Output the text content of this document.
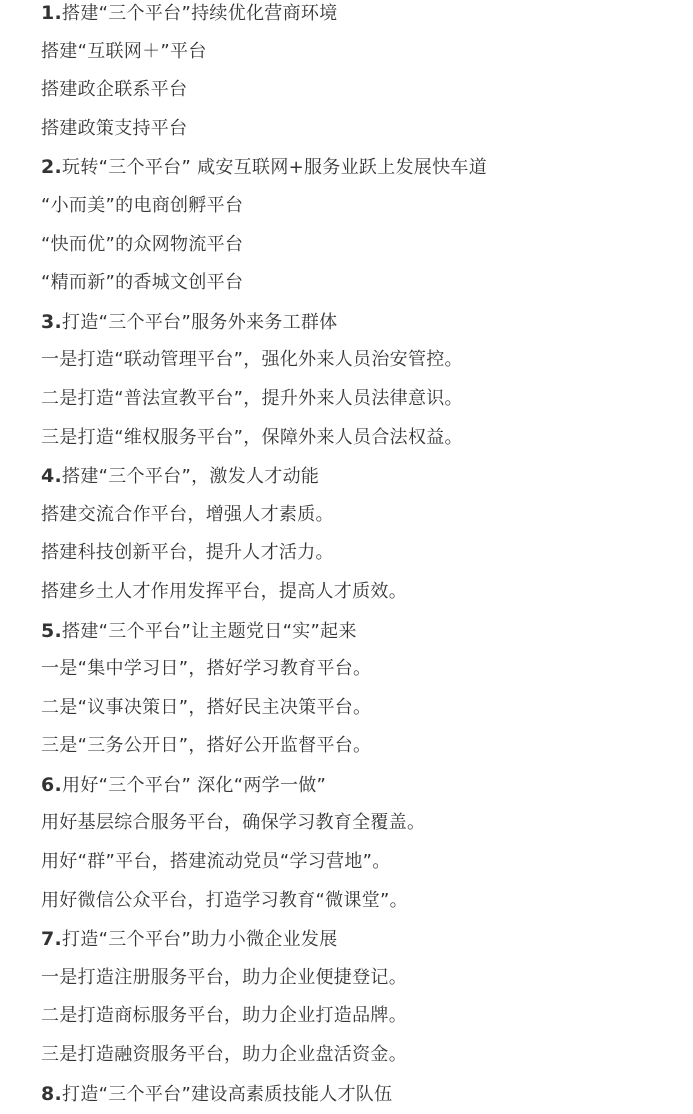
1.搭建“三个平台”持续优化营商环境
搭建“互联网＋”平台
搭建政企联系平台
搭建政策支持平台
2.玩转“三个平台” 咸安互联网+服务业跃上发展快车道
“小而美”的电商创孵平台
“快而优”的众网物流平台
“精而新”的香城文创平台
3.打造“三个平台”服务外来务工群体
一是打造“联动管理平台”，强化外来人员治安管控。
二是打造“普法宣教平台”，提升外来人员法律意识。
三是打造“维权服务平台”，保障外来人员合法权益。
4.搭建“三个平台”，激发人才动能
搭建交流合作平台，增强人才素质。
搭建科技创新平台，提升人才活力。
搭建乡土人才作用发挥平台，提高人才质效。
5.搭建“三个平台”让主题党日“实”起来
一是“集中学习日”，搭好学习教育平台。
二是“议事决策日”，搭好民主决策平台。
三是“三务公开日”，搭好公开监督平台。
6.用好“三个平台” 深化“两学一做”
用好基层综合服务平台，确保学习教育全覆盖。
用好“群”平台，搭建流动党员“学习营地”。
用好微信公众平台，打造学习教育“微课堂”。
7.打造“三个平台”助力小微企业发展
一是打造注册服务平台，助力企业便捷登记。
二是打造商标服务平台，助力企业打造品牌。
三是打造融资服务平台，助力企业盘活资金。
8.打造“三个平台”建设高素质技能人才队伍
